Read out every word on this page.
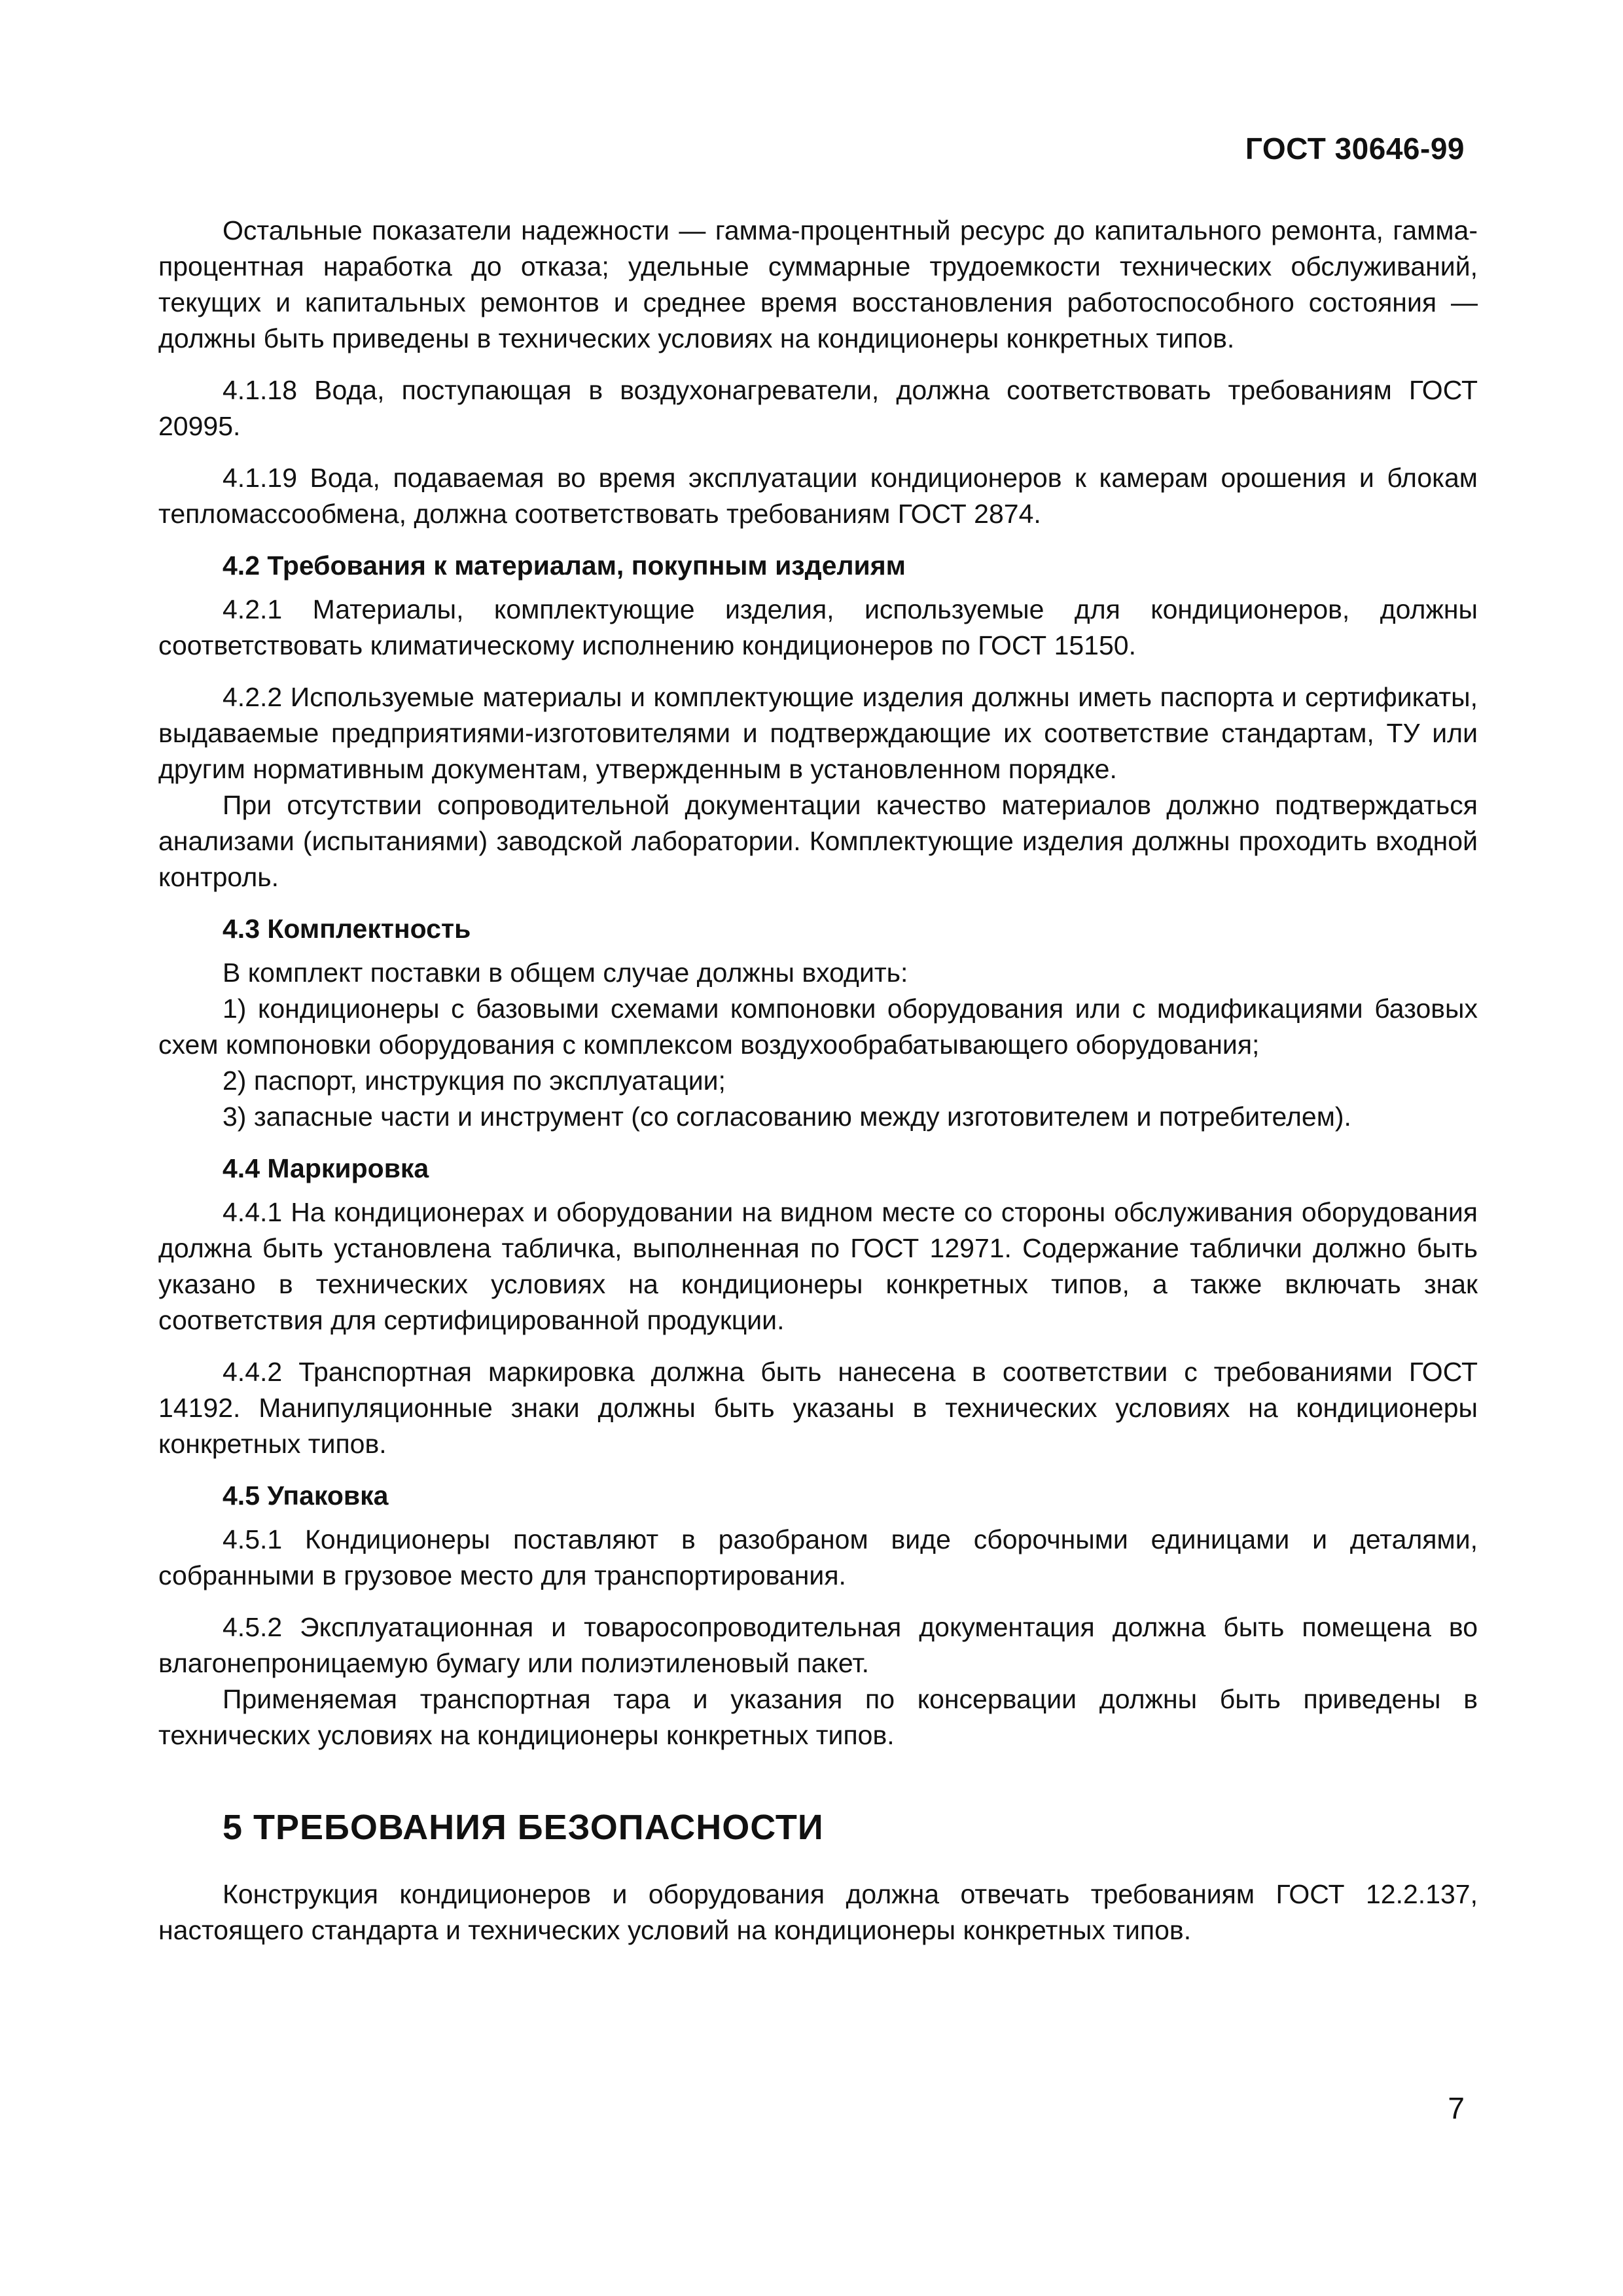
ГОСТ 30646-99

Остальные показатели надежности — гамма-процентный ресурс до капитального ремонта, гамма-процентная наработка до отказа; удельные суммарные трудоемкости технических обслуживаний, текущих и капитальных ремонтов и среднее время восстановления работоспособного состояния — должны быть приведены в технических условиях на кондиционеры конкретных типов.

4.1.18 Вода, поступающая в воздухонагреватели, должна соответствовать требованиям ГОСТ 20995.

4.1.19 Вода, подаваемая во время эксплуатации кондиционеров к камерам орошения и блокам тепломассообмена, должна соответствовать требованиям ГОСТ 2874.

4.2 Требования к материалам, покупным изделиям

4.2.1 Материалы, комплектующие изделия, используемые для кондиционеров, должны соответствовать климатическому исполнению кондиционеров по ГОСТ 15150.

4.2.2 Используемые материалы и комплектующие изделия должны иметь паспорта и сертификаты, выдаваемые предприятиями-изготовителями и подтверждающие их соответствие стандартам, ТУ или другим нормативным документам, утвержденным в установленном порядке.

При отсутствии сопроводительной документации качество материалов должно подтверждаться анализами (испытаниями) заводской лаборатории. Комплектующие изделия должны проходить входной контроль.

4.3 Комплектность

В комплект поставки в общем случае должны входить:

1) кондиционеры с базовыми схемами компоновки оборудования или с модификациями базовых схем компоновки оборудования с комплексом воздухообрабатывающего оборудования;

2) паспорт, инструкция по эксплуатации;

3) запасные части и инструмент (со согласованию между изготовителем и потребителем).

4.4 Маркировка

4.4.1 На кондиционерах и оборудовании на видном месте со стороны обслуживания оборудования должна быть установлена табличка, выполненная по ГОСТ 12971. Содержание таблички должно быть указано в технических условиях на кондиционеры конкретных типов, а также включать знак соответствия для сертифицированной продукции.

4.4.2 Транспортная маркировка должна быть нанесена в соответствии с требованиями ГОСТ 14192. Манипуляционные знаки должны быть указаны в технических условиях на кондиционеры конкретных типов.

4.5 Упаковка

4.5.1 Кондиционеры поставляют в разобраном виде сборочными единицами и деталями, собранными в грузовое место для транспортирования.

4.5.2 Эксплуатационная и товаросопроводительная документация должна быть помещена во влагонепроницаемую бумагу или полиэтиленовый пакет.

Применяемая транспортная тара и указания по консервации должны быть приведены в технических условиях на кондиционеры конкретных типов.

5 ТРЕБОВАНИЯ БЕЗОПАСНОСТИ

Конструкция кондиционеров и оборудования должна отвечать требованиям ГОСТ 12.2.137, настоящего стандарта и технических условий на кондиционеры конкретных типов.

7
